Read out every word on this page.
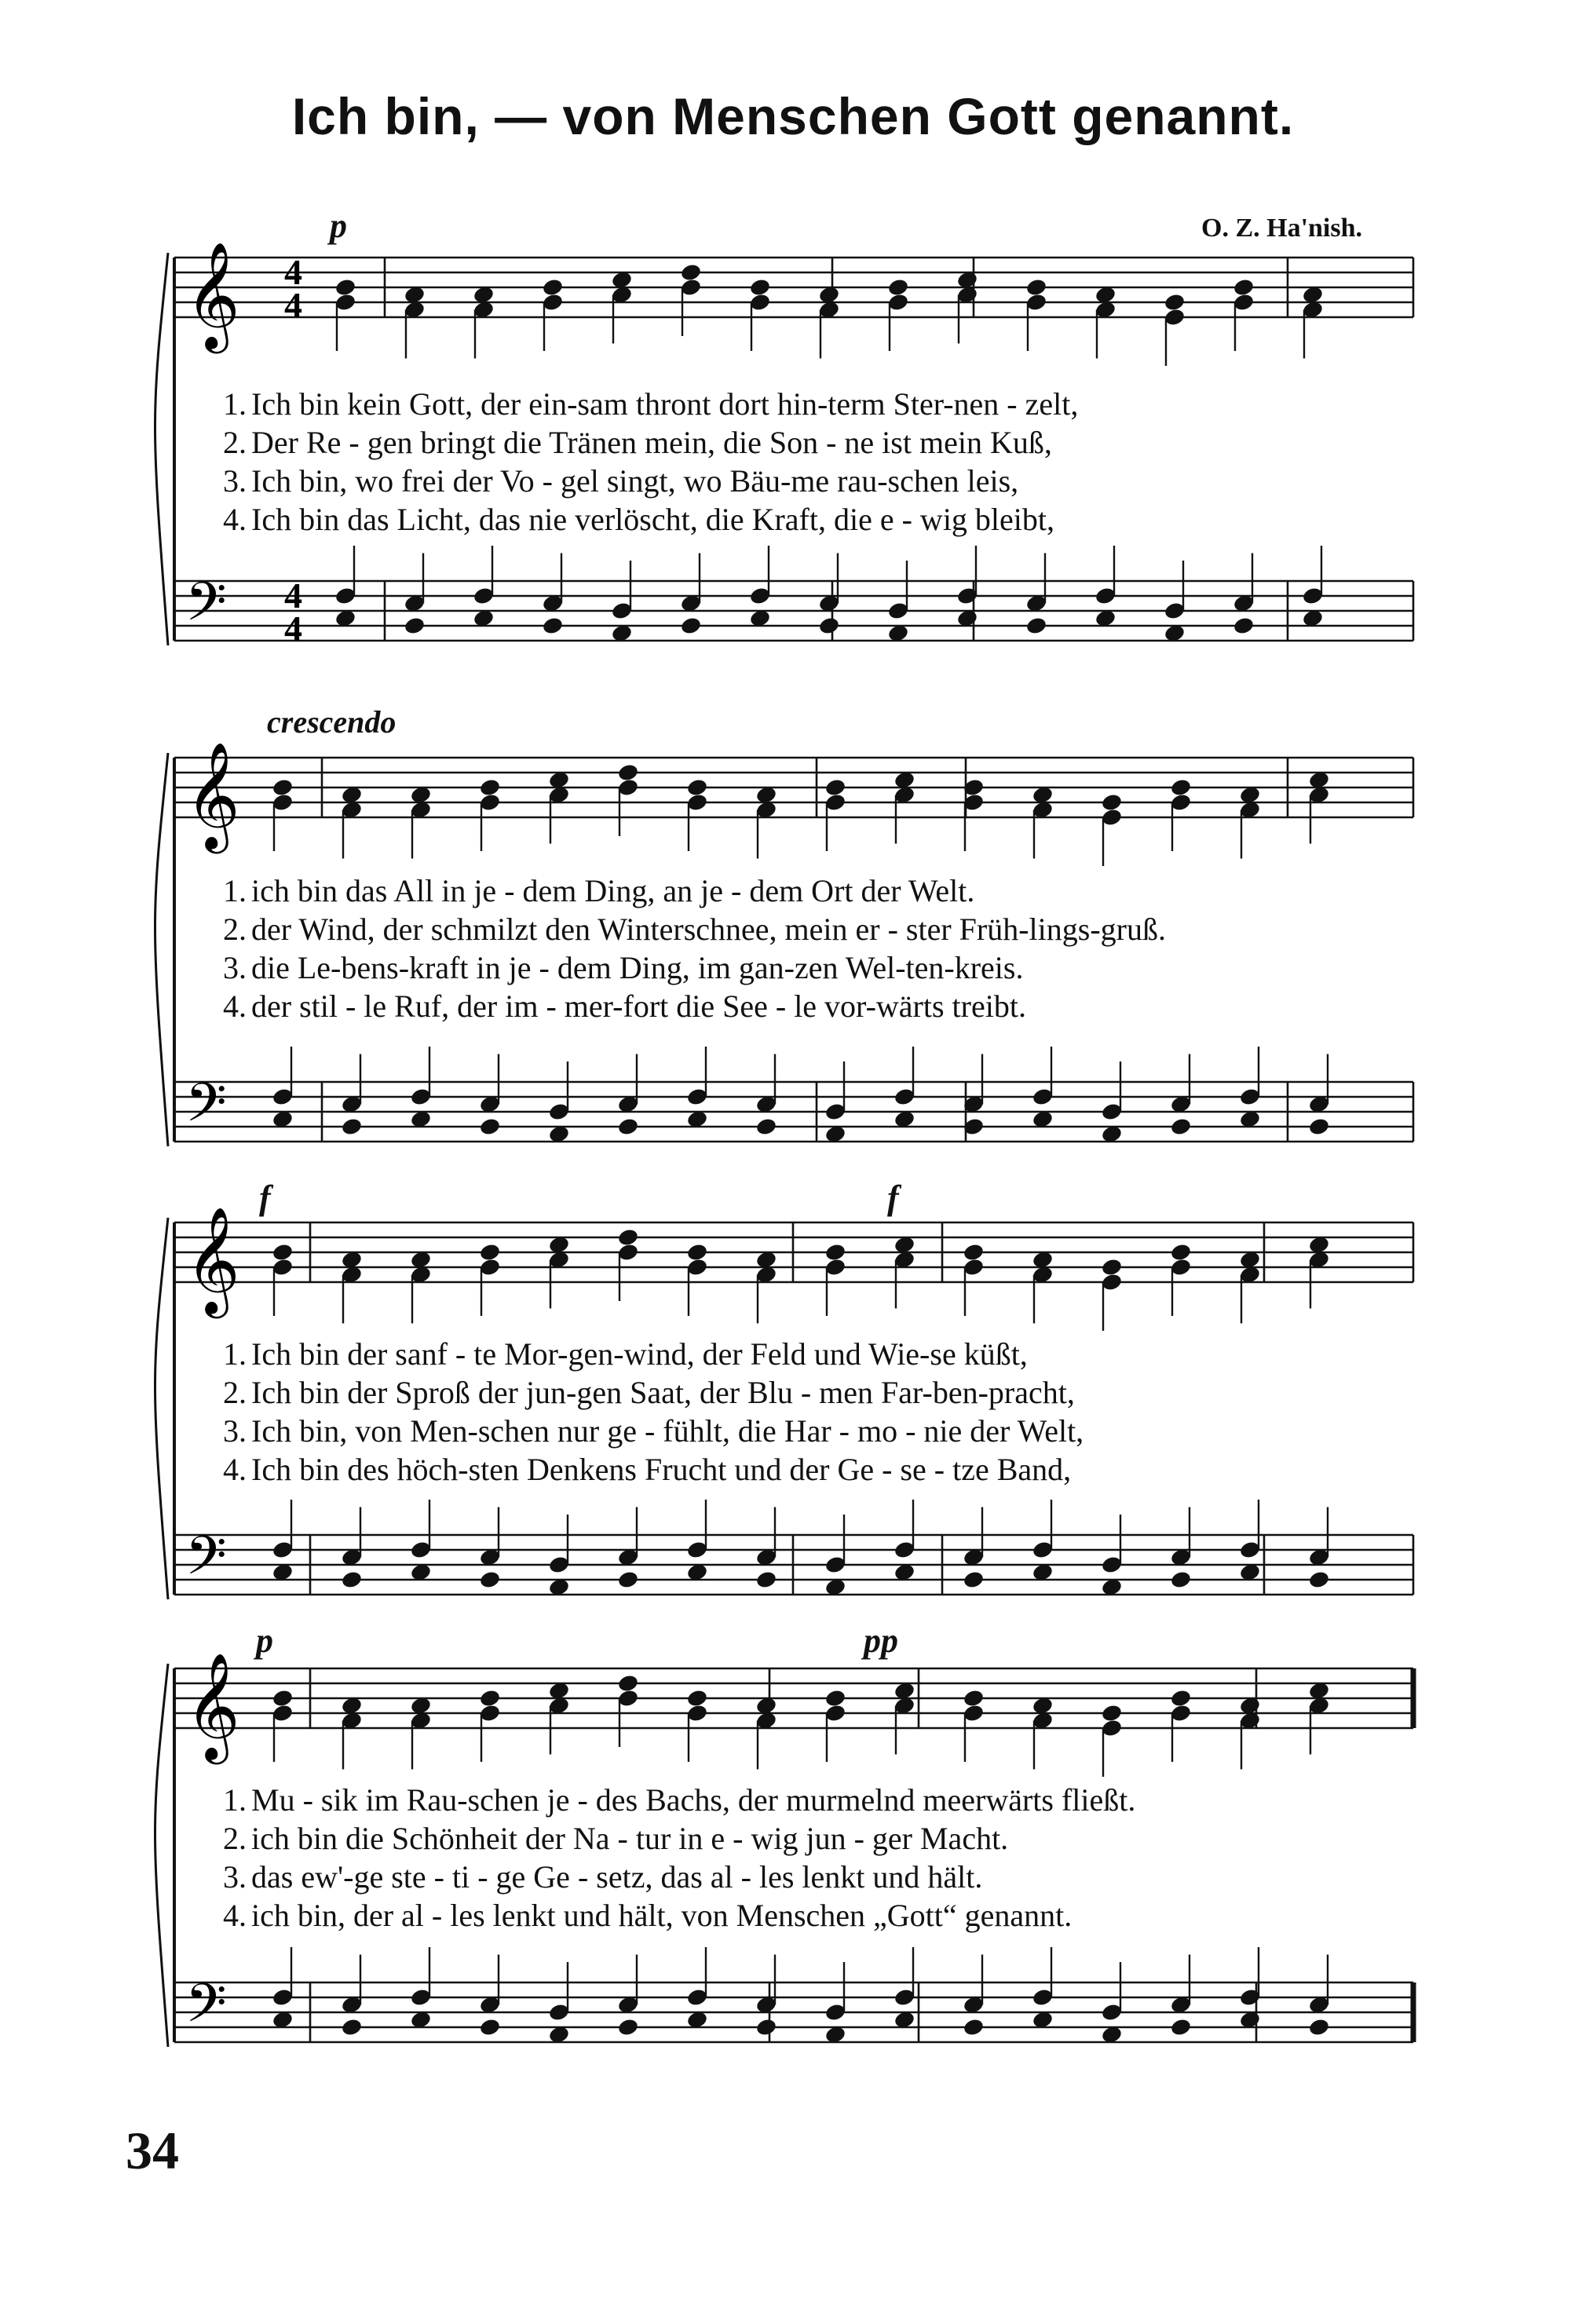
Ich bin, — von Menschen Gott genannt.
O. Z. Ha'nish.
p
crescendo
f	f
p	pp
𝄞
𝄢
4
4
4
4
𝄞
𝄢
𝄞
𝄢
𝄞
𝄢
1. Ich bin kein Gott, der ein-sam thront dort hin-term Ster-nen - zelt,
2. Der Re - gen bringt die Tränen mein, die Son - ne ist mein Kuß,
3. Ich bin, wo frei der Vo - gel singt, wo Bäu-me rau-schen leis,
4. Ich bin das Licht, das nie verlöscht, die Kraft, die e - wig bleibt,
1. ich bin das All in je - dem Ding, an je - dem Ort der Welt.
2. der Wind, der schmilzt den Winterschnee, mein er - ster Früh-lings-gruß.
3. die Le-bens-kraft in je - dem Ding, im gan-zen Wel-ten-kreis.
4. der stil - le Ruf, der im - mer-fort die See - le vor-wärts treibt.
1. Ich bin der sanf - te Mor-gen-wind, der Feld und Wie-se küßt,
2. Ich bin der Sproß der jun-gen Saat, der Blu - men Far-ben-pracht,
3. Ich bin, von Men-schen nur ge - fühlt, die Har - mo - nie der Welt,
4. Ich bin des höch-sten Denkens Frucht und der Ge - se - tze Band,
1. Mu - sik im Rau-schen je - des Bachs, der murmelnd meerwärts fließt.
2. ich bin die Schönheit der Na - tur in e - wig jun - ger Macht.
3. das ew'-ge ste - ti - ge Ge - setz, das al - les lenkt und hält.
4. ich bin, der al - les lenkt und hält, von Menschen „Gott“ genannt.
34
